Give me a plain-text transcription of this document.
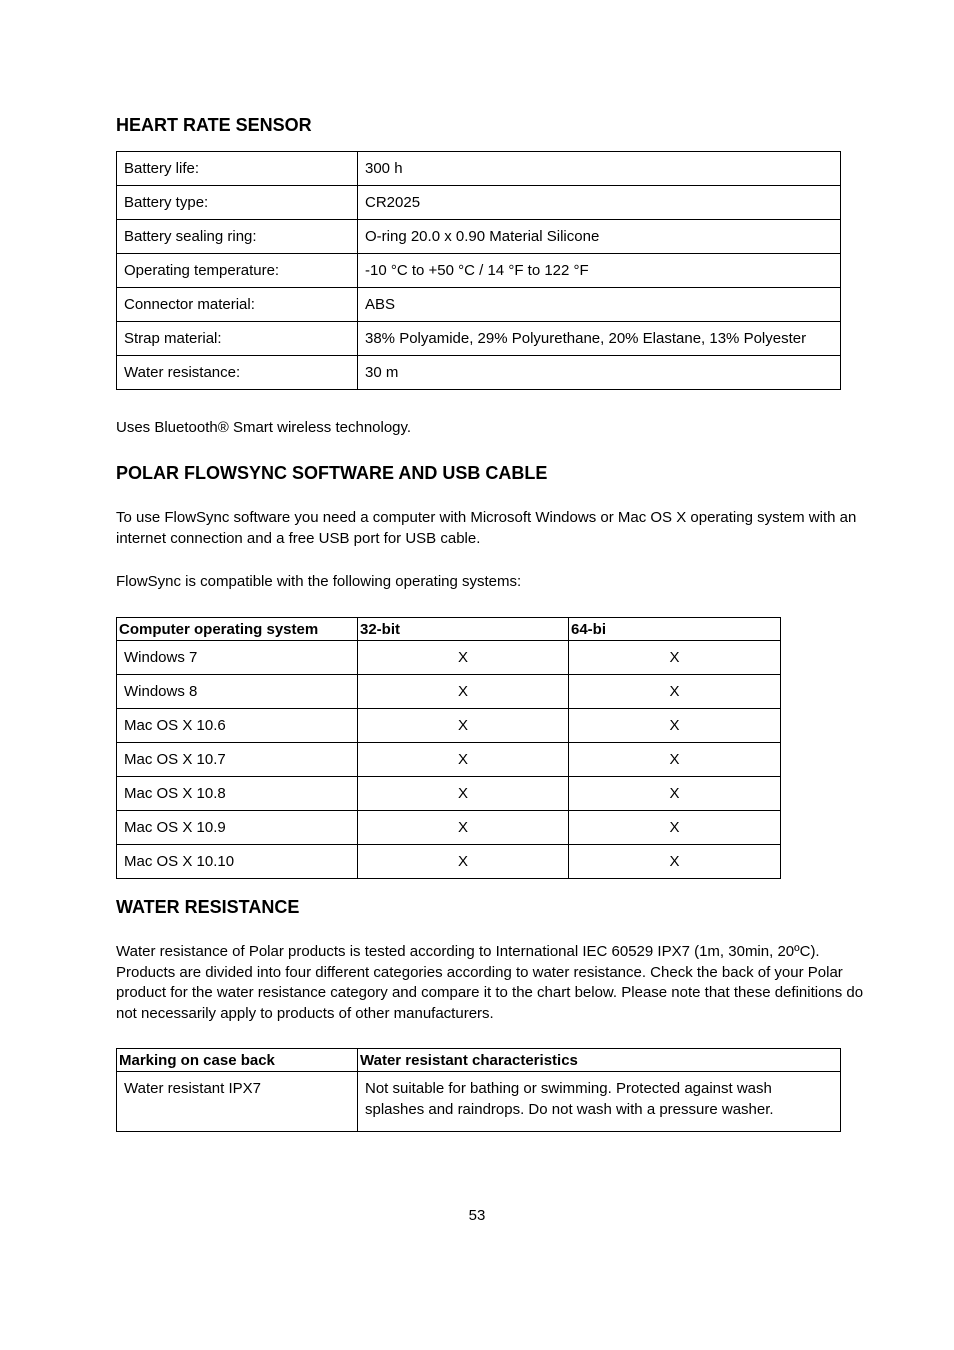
HEART RATE SENSOR
Battery life:	300 h
Battery type:	CR2025
Battery sealing ring:	O-ring 20.0 x 0.90 Material Silicone
Operating temperature:	-10 °C to +50 °C / 14 °F to 122 °F
Connector material:	ABS
Strap material:	38% Polyamide, 29% Polyurethane, 20% Elastane, 13% Polyester
Water resistance:	30 m

Uses Bluetooth® Smart wireless technology.

POLAR FLOWSYNC SOFTWARE AND USB CABLE

To use FlowSync software you need a computer with Microsoft Windows or Mac OS X operating system with an internet connection and a free USB port for USB cable.

FlowSync is compatible with the following operating systems:

Computer operating system	32-bit	64-bi
Windows 7	X	X
Windows 8	X	X
Mac OS X 10.6	X	X
Mac OS X 10.7	X	X
Mac OS X 10.8	X	X
Mac OS X 10.9	X	X
Mac OS X 10.10	X	X
WATER RESISTANCE

Water resistance of Polar products is tested according to International IEC 60529 IPX7 (1m, 30min, 20ºC). Products are divided into four different categories according to water resistance. Check the back of your Polar product for the water resistance category and compare it to the chart below. Please note that these definitions do not necessarily apply to products of other manufacturers.

Marking on case back	Water resistant characteristics
Water resistant IPX7	Not suitable for bathing or swimming. Protected against wash splashes and raindrops. Do not wash with a pressure washer.
53
